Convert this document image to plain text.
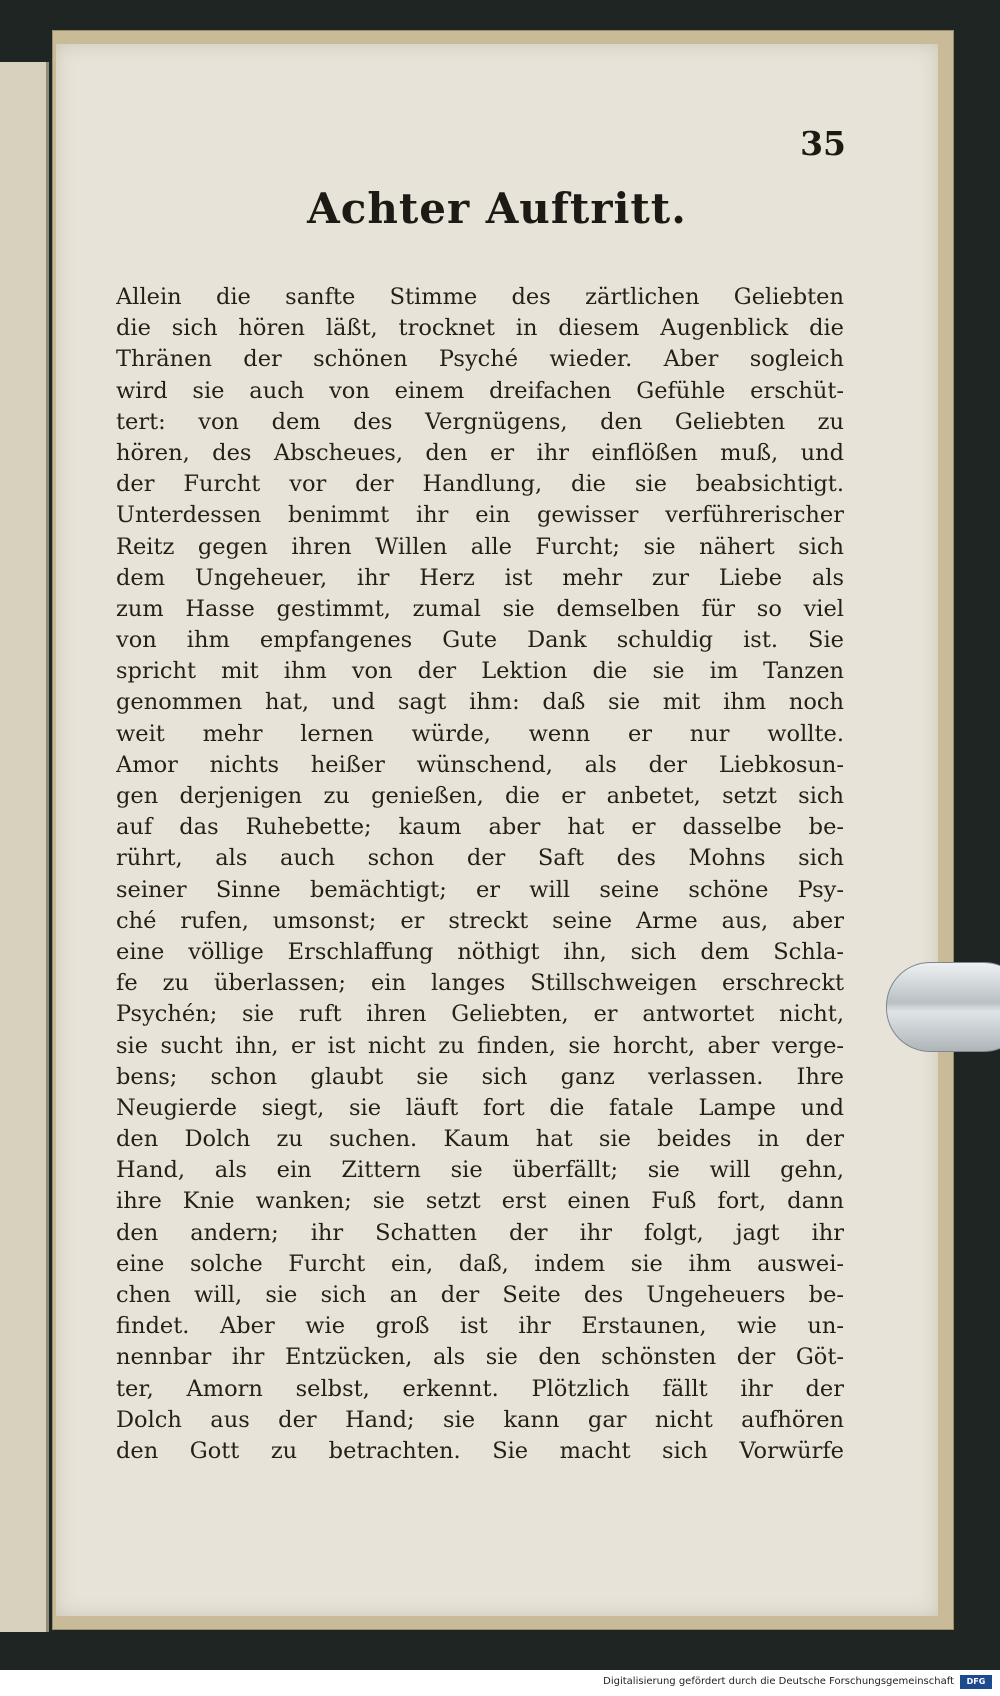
35
Achter Auftritt.
Allein die sanfte Stimme des zärtlichen Geliebten
die sich hören läßt, trocknet in diesem Augenblick die
Thränen der schönen Psyché wieder. Aber sogleich
wird sie auch von einem dreifachen Gefühle erschüt-
tert: von dem des Vergnügens, den Geliebten zu
hören, des Abscheues, den er ihr einflößen muß, und
der Furcht vor der Handlung, die sie beabsichtigt.
Unterdessen benimmt ihr ein gewisser verführerischer
Reitz gegen ihren Willen alle Furcht; sie nähert sich
dem Ungeheuer, ihr Herz ist mehr zur Liebe als
zum Hasse gestimmt, zumal sie demselben für so viel
von ihm empfangenes Gute Dank schuldig ist. Sie
spricht mit ihm von der Lektion die sie im Tanzen
genommen hat, und sagt ihm: daß sie mit ihm noch
weit mehr lernen würde, wenn er nur wollte.
Amor nichts heißer wünschend, als der Liebkosun-
gen derjenigen zu genießen, die er anbetet, setzt sich
auf das Ruhebette; kaum aber hat er dasselbe be-
rührt, als auch schon der Saft des Mohns sich
seiner Sinne bemächtigt; er will seine schöne Psy-
ché rufen, umsonst; er streckt seine Arme aus, aber
eine völlige Erschlaffung nöthigt ihn, sich dem Schla-
fe zu überlassen; ein langes Stillschweigen erschreckt
Psychén; sie ruft ihren Geliebten, er antwortet nicht,
sie sucht ihn, er ist nicht zu finden, sie horcht, aber verge-
bens; schon glaubt sie sich ganz verlassen. Ihre
Neugierde siegt, sie läuft fort die fatale Lampe und
den Dolch zu suchen. Kaum hat sie beides in der
Hand, als ein Zittern sie überfällt; sie will gehn,
ihre Knie wanken; sie setzt erst einen Fuß fort, dann
den andern; ihr Schatten der ihr folgt, jagt ihr
eine solche Furcht ein, daß, indem sie ihm auswei-
chen will, sie sich an der Seite des Ungeheuers be-
findet. Aber wie groß ist ihr Erstaunen, wie un-
nennbar ihr Entzücken, als sie den schönsten der Göt-
ter, Amorn selbst, erkennt. Plötzlich fällt ihr der
Dolch aus der Hand; sie kann gar nicht aufhören
den Gott zu betrachten. Sie macht sich Vorwürfe
Digitalisierung gefördert durch die Deutsche Forschungsgemeinschaft	DFG
